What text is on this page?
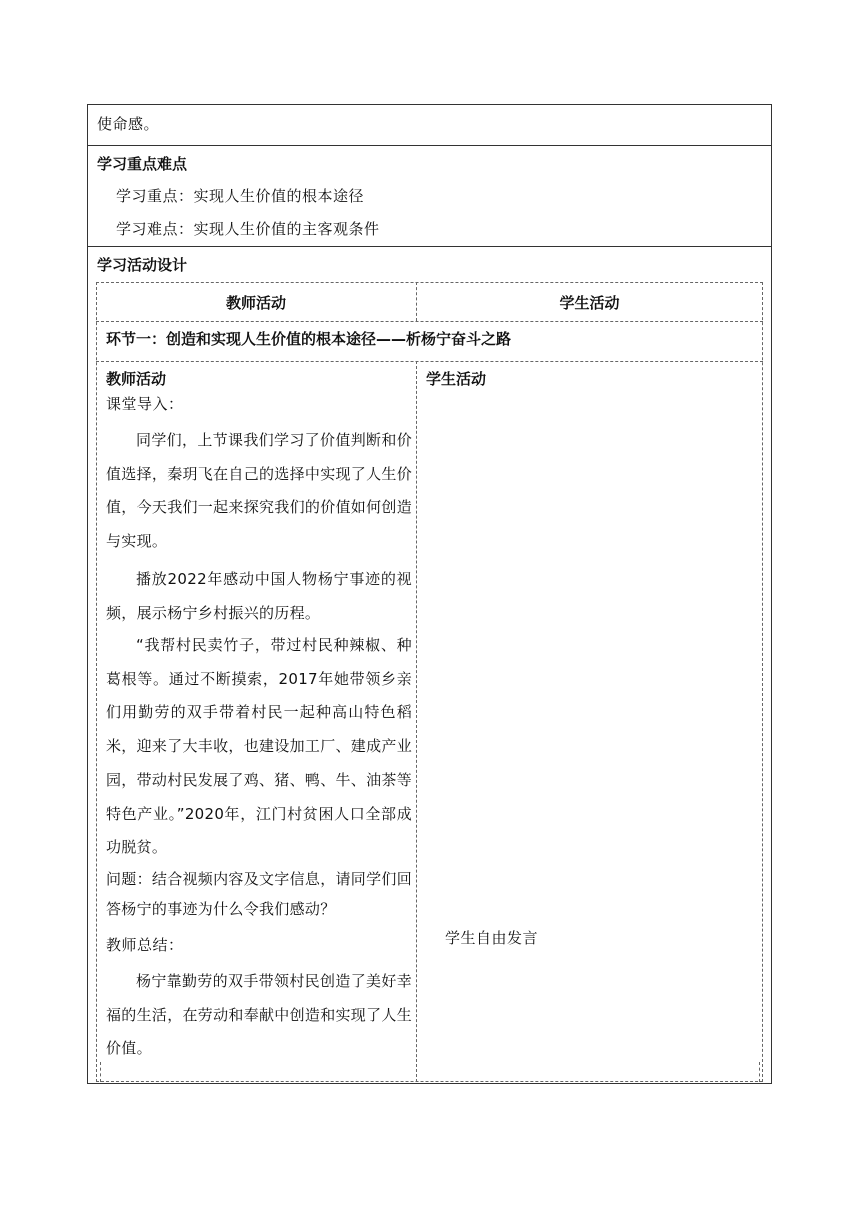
使命感。
学习重点难点
学习重点：实现人生价值的根本途径
学习难点：实现人生价值的主客观条件
学习活动设计
教师活动	学生活动
环节一：创造和实现人生价值的根本途径——析杨宁奋斗之路
教师活动
课堂导入：
同学们，上节课我们学习了价值判断和价值选择，秦玥飞在自己的选择中实现了人生价值，今天我们一起来探究我们的价值如何创造与实现。
播放2022年感动中国人物杨宁事迹的视频，展示杨宁乡村振兴的历程。
“我帮村民卖竹子，带过村民种辣椒、种葛根等。通过不断摸索，2017年她带领乡亲们用勤劳的双手带着村民一起种高山特色稻米，迎来了大丰收，也建设加工厂、建成产业园，带动村民发展了鸡、猪、鸭、牛、油茶等特色产业。”2020年，江门村贫困人口全部成功脱贫。
问题：结合视频内容及文字信息，请同学们回答杨宁的事迹为什么令我们感动？
教师总结：
杨宁靠勤劳的双手带领村民创造了美好幸福的生活，在劳动和奉献中创造和实现了人生价值。
学生活动
学生自由发言
